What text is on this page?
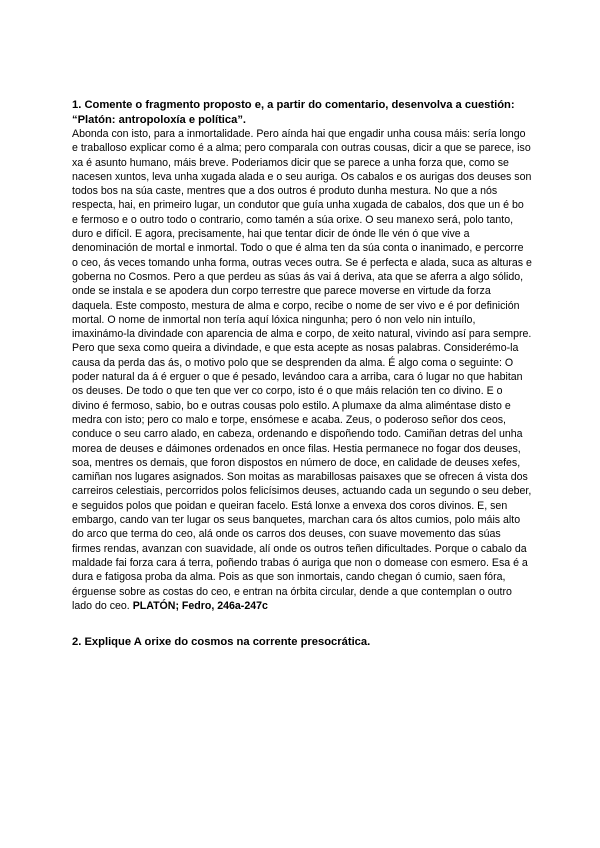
1. Comente o fragmento proposto e, a partir do comentario, desenvolva a cuestión:
“Platón: antropoloxía e política”.

Abonda con isto, para a inmortalidade. Pero aínda hai que engadir unha cousa máis: sería longo e traballoso explicar como é a alma; pero comparala con outras cousas, dicir a que se parece, iso xa é asunto humano, máis breve. Poderiamos dicir que se parece a unha forza que, como se nacesen xuntos, leva unha xugada alada e o seu auriga. Os cabalos e os aurigas dos deuses son todos bos na súa caste, mentres que a dos outros é produto dunha mestura. No que a nós respecta, hai, en primeiro lugar, un condutor que guía unha xugada de cabalos, dos que un é bo e fermoso e o outro todo o contrario, como tamén a súa orixe. O seu manexo será, polo tanto, duro e difícil. E agora, precisamente, hai que tentar dicir de ónde lle vén ó que vive a denominación de mortal e inmortal. Todo o que é alma ten da súa conta o inanimado, e percorre o ceo, ás veces tomando unha forma, outras veces outra. Se é perfecta e alada, suca as alturas e goberna no Cosmos. Pero a que perdeu as súas ás vai á deriva, ata que se aferra a algo sólido, onde se instala e se apodera dun corpo terrestre que parece moverse en virtude da forza daquela. Este composto, mestura de alma e corpo, recibe o nome de ser vivo e é por definición mortal. O nome de inmortal non tería aquí lóxica ningunha; pero ó non velo nin intuílo, imaxinámo-la divindade con aparencia de alma e corpo, de xeito natural, vivindo así para sempre. Pero que sexa como queira a divindade, e que esta acepte as nosas palabras. Considerémo-la causa da perda das ás, o motivo polo que se desprenden da alma. É algo coma o seguinte: O poder natural da á é erguer o que é pesado, levándoo cara a arriba, cara ó lugar no que habitan os deuses. De todo o que ten que ver co corpo, isto é o que máis relación ten co divino. E o divino é fermoso, sabio, bo e outras cousas polo estilo. A plumaxe da alma aliméntase disto e medra con isto; pero co malo e torpe, ensómese e acaba. Zeus, o poderoso señor dos ceos, conduce o seu carro alado, en cabeza, ordenando e dispoñendo todo. Camiñan detras del unha morea de deuses e dáimones ordenados en once filas. Hestia permanece no fogar dos deuses, soa, mentres os demais, que foron dispostos en número de doce, en calidade de deuses xefes, camiñan nos lugares asignados. Son moitas as marabillosas paisaxes que se ofrecen á vista dos carreiros celestiais, percorridos polos felicísimos deuses, actuando cada un segundo o seu deber, e seguidos polos que poidan e queiran facelo. Está lonxe a envexa dos coros divinos. E, sen embargo, cando van ter lugar os seus banquetes, marchan cara ós altos cumios, polo máis alto do arco que terma do ceo, alá onde os carros dos deuses, con suave movemento das súas firmes rendas, avanzan con suavidade, alí onde os outros teñen dificultades. Porque o cabalo da maldade fai forza cara á terra, poñendo trabas ó auriga que non o domease con esmero. Esa é a dura e fatigosa proba da alma. Pois as que son inmortais, cando chegan ó cumio, saen fóra, érguense sobre as costas do ceo, e entran na órbita circular, dende a que contemplan o outro lado do ceo. PLATÓN; Fedro, 246a-247c

2. Explique A orixe do cosmos na corrente presocrática.
